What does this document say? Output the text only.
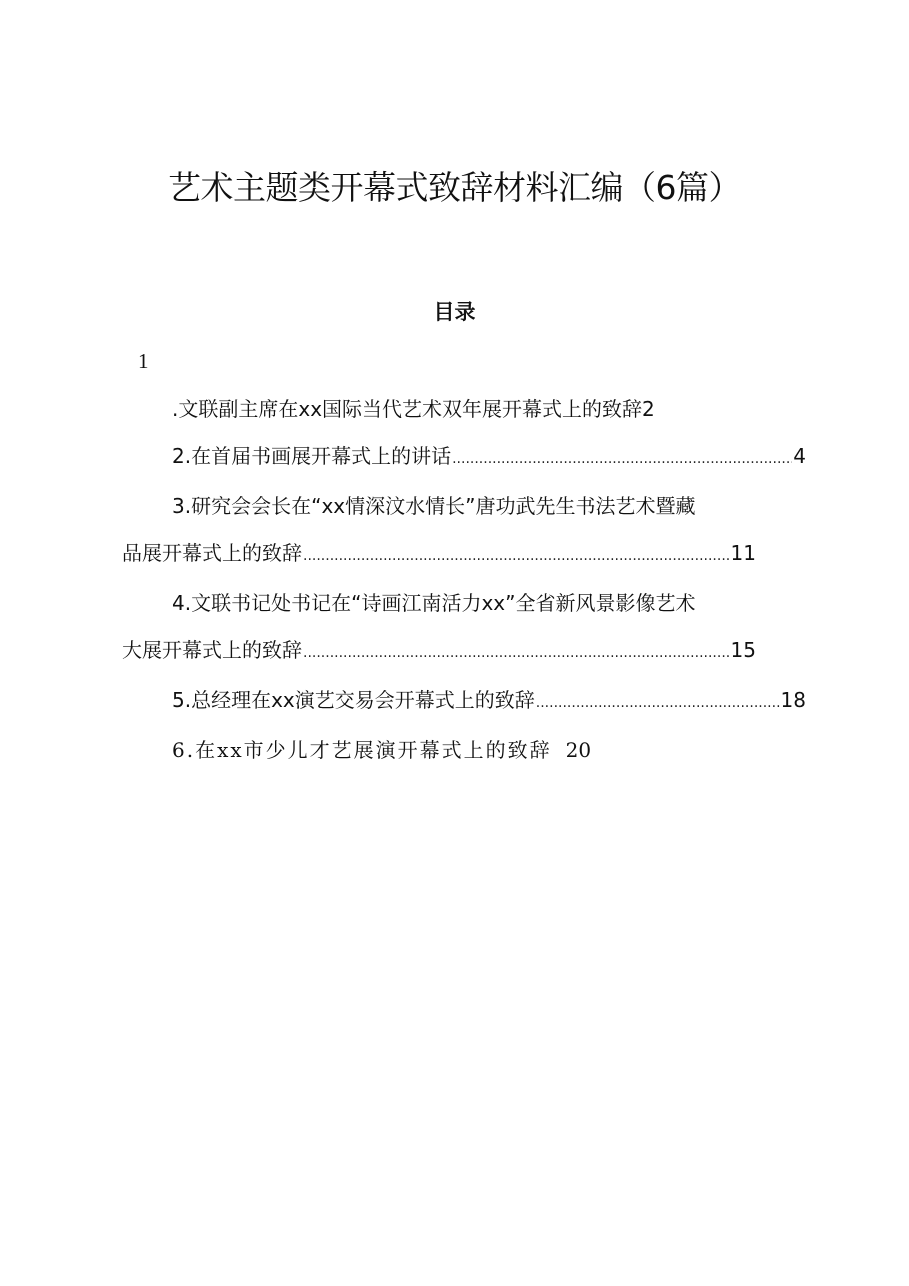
艺术主题类开幕式致辞材料汇编（6篇）
目录
1
.文联副主席在xx国际当代艺术双年展开幕式上的致辞 2
2.在首届书画展开幕式上的讲话 .....	4
3.研究会会长在“xx情深汶水情长”唐功武先生书法艺术暨藏
品展开幕式上的致辞 .....	11
4.文联书记处书记在“诗画江南活力xx”全省新风景影像艺术
大展开幕式上的致辞 .....	15
5.总经理在xx演艺交易会开幕式上的致辞 .....	18
6.在xx市少儿才艺展演开幕式上的致辞 20
